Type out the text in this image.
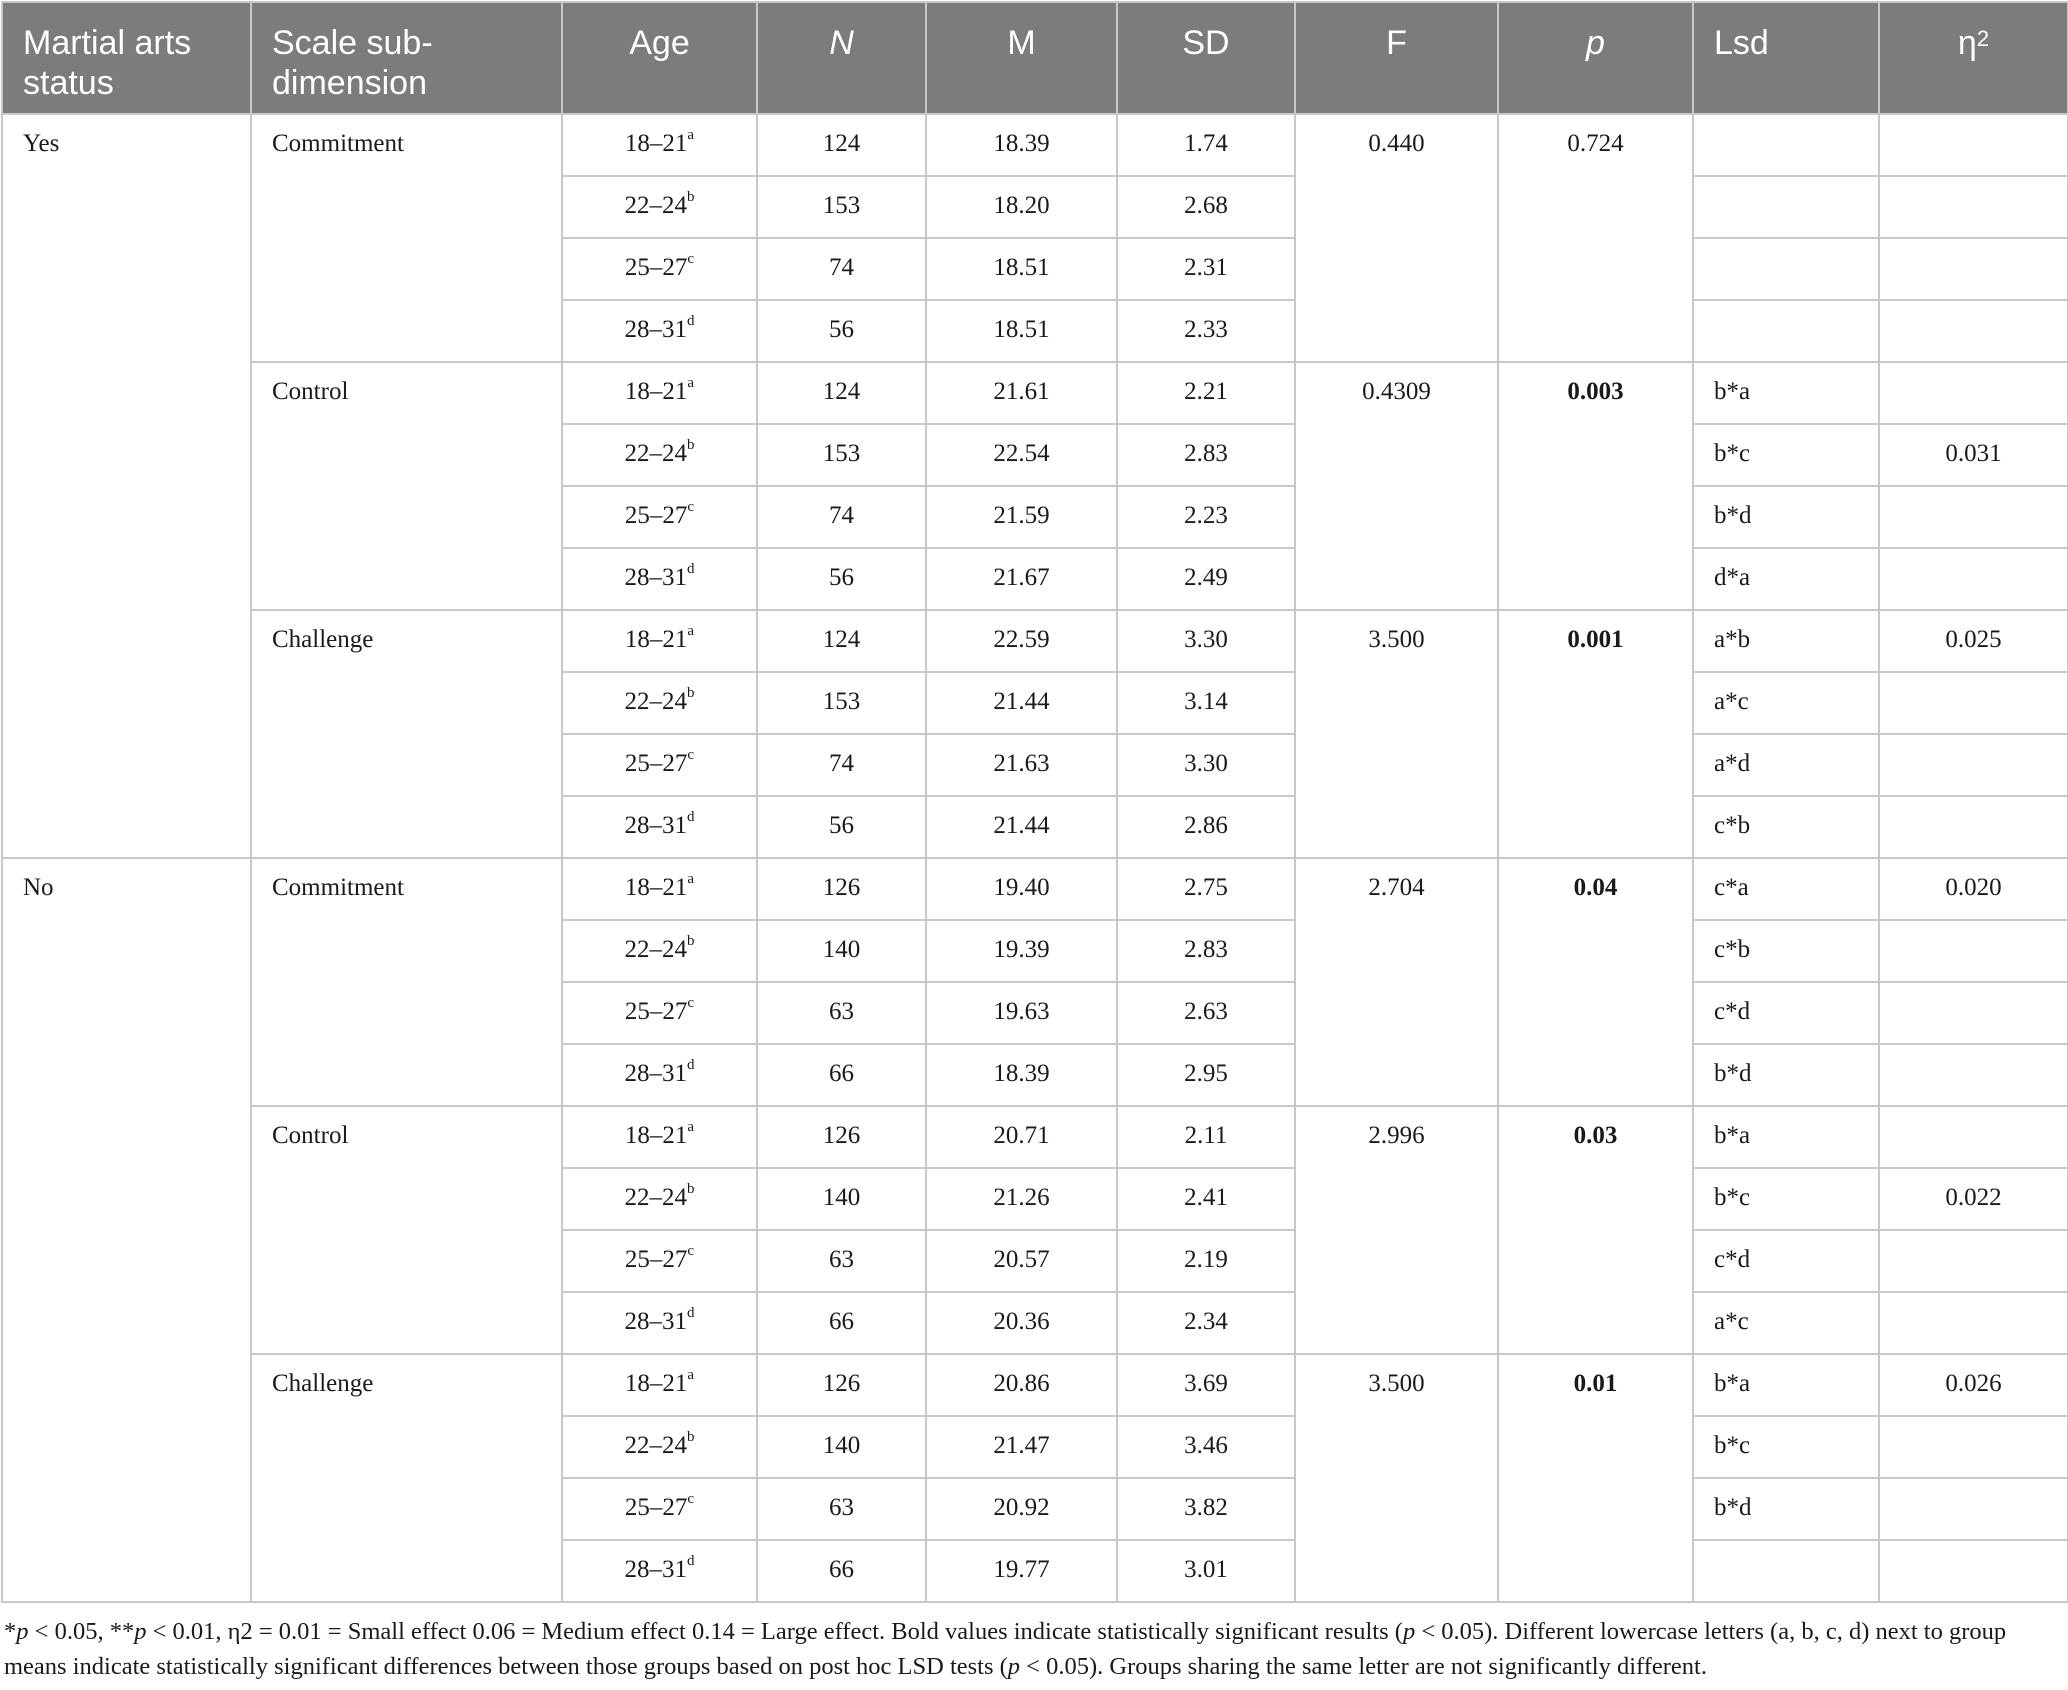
Martial arts status	Scale sub-dimension	Age	N	M	SD	F	p	Lsd	$\eta^2$
Yes	Commitment	18–21$^a$	124	18.39	1.74	0.440	0.724		
		22–24$^b$	153	18.20	2.68				
		25–27$^c$	74	18.51	2.31				
		28–31$^d$	56	18.51	2.33				
	Control	18–21$^a$	124	21.61	2.21	0.4309	0.003	b*a	
		22–24$^b$	153	22.54	2.83			b*c	0.031
		25–27$^c$	74	21.59	2.23			b*d	
		28–31$^d$	56	21.67	2.49			d*a	
	Challenge	18–21$^a$	124	22.59	3.30	3.500	0.001	a*b	0.025
		22–24$^b$	153	21.44	3.14			a*c	
		25–27$^c$	74	21.63	3.30			a*d	
		28–31$^d$	56	21.44	2.86			c*b	
No	Commitment	18–21$^a$	126	19.40	2.75	2.704	0.04	c*a	0.020
		22–24$^b$	140	19.39	2.83			c*b	
		25–27$^c$	63	19.63	2.63			c*d	
		28–31$^d$	66	18.39	2.95			b*d	
	Control	18–21$^a$	126	20.71	2.11	2.996	0.03	b*a	
		22–24$^b$	140	21.26	2.41			b*c	0.022
		25–27$^c$	63	20.57	2.19			c*d	
		28–31$^d$	66	20.36	2.34			a*c	
	Challenge	18–21$^a$	126	20.86	3.69	3.500	0.01	b*a	0.026
		22–24$^b$	140	21.47	3.46			b*c	
		25–27$^c$	63	20.92	3.82			b*d	
		28–31$^d$	66	19.77	3.01				
*p < 0.05, **p < 0.01, η2 = 0.01 = Small effect 0.06 = Medium effect 0.14 = Large effect. Bold values indicate statistically significant results (p < 0.05). Different lowercase letters (a, b, c, d) next to group means indicate statistically significant differences between those groups based on post hoc LSD tests (p < 0.05). Groups sharing the same letter are not significantly different.
